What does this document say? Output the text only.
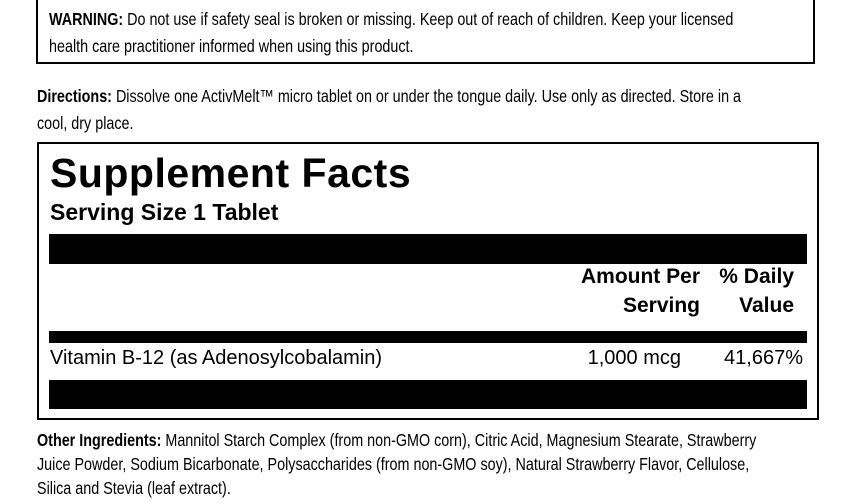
WARNING: Do not use if safety seal is broken or missing. Keep out of reach of children. Keep your licensed
health care practitioner informed when using this product.
Directions: Dissolve one ActivMelt™ micro tablet on or under the tongue daily. Use only as directed. Store in a
cool, dry place.
Supplement Facts
Serving Size 1 Tablet
Amount Per
Serving
% Daily
Value
Vitamin B-12 (as Adenosylcobalamin)	1,000 mcg 41,667%
Other Ingredients: Mannitol Starch Complex (from non-GMO corn), Citric Acid, Magnesium Stearate, Strawberry
Juice Powder, Sodium Bicarbonate, Polysaccharides (from non-GMO soy), Natural Strawberry Flavor, Cellulose,
Silica and Stevia (leaf extract).
